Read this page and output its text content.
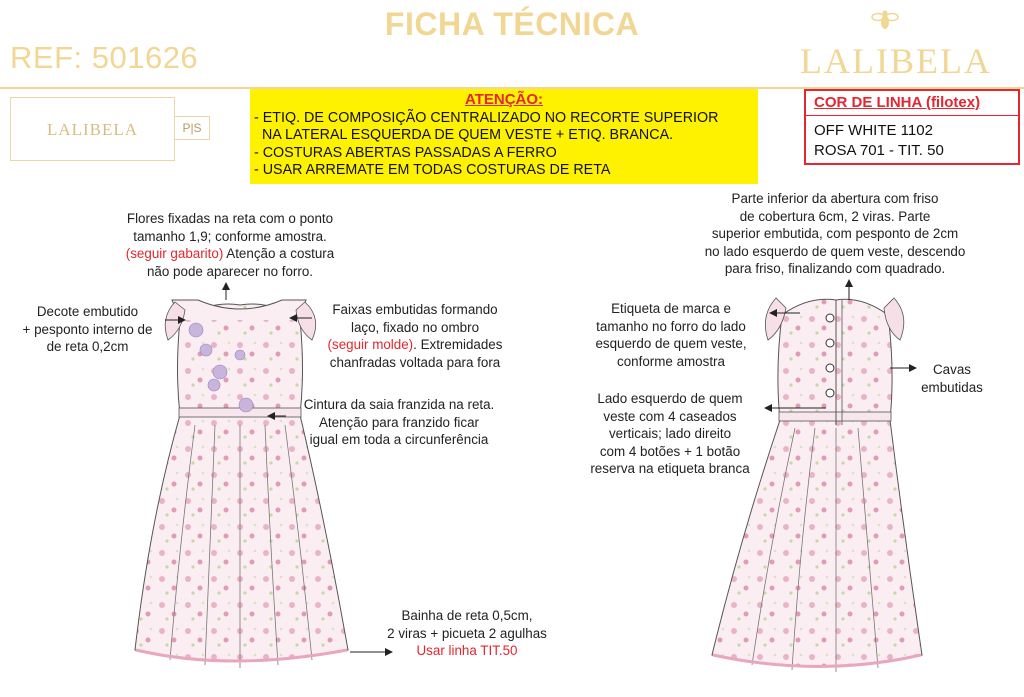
FICHA TÉCNICA
REF: 501626	LALIBELA
LALIBELA	P|S
ATENÇÃO:
- ETIQ. DE COMPOSIÇÃO CENTRALIZADO NO RECORTE SUPERIOR
NA LATERAL ESQUERDA DE QUEM VESTE + ETIQ. BRANCA.
- COSTURAS ABERTAS PASSADAS A FERRO
- USAR ARREMATE EM TODAS COSTURAS DE RETA
COR DE LINHA (filotex)
OFF WHITE 1102
ROSA 701 - TIT. 50
Flores fixadas na reta com o ponto
tamanho 1,9; conforme amostra.
(seguir gabarito) Atenção a costura
não pode aparecer no forro.
Decote embutido
+ pesponto interno de
de reta 0,2cm
Faixas embutidas formando
laço, fixado no ombro
(seguir molde). Extremidades
chanfradas voltada para fora
Cintura da saia franzida na reta.
Atenção para franzido ficar
igual em toda a circunferência
Bainha de reta 0,5cm,
2 viras + picueta 2 agulhas
Usar linha TIT.50
Parte inferior da abertura com friso
de cobertura 6cm, 2 viras. Parte
superior embutida, com pesponto de 2cm
no lado esquerdo de quem veste, descendo
para friso, finalizando com quadrado.
Etiqueta de marca e
tamanho no forro do lado
esquerdo de quem veste,
conforme amostra
Cavas
embutidas
Lado esquerdo de quem
veste com 4 caseados
verticais; lado direito
com 4 botões + 1 botão
reserva na etiqueta branca
